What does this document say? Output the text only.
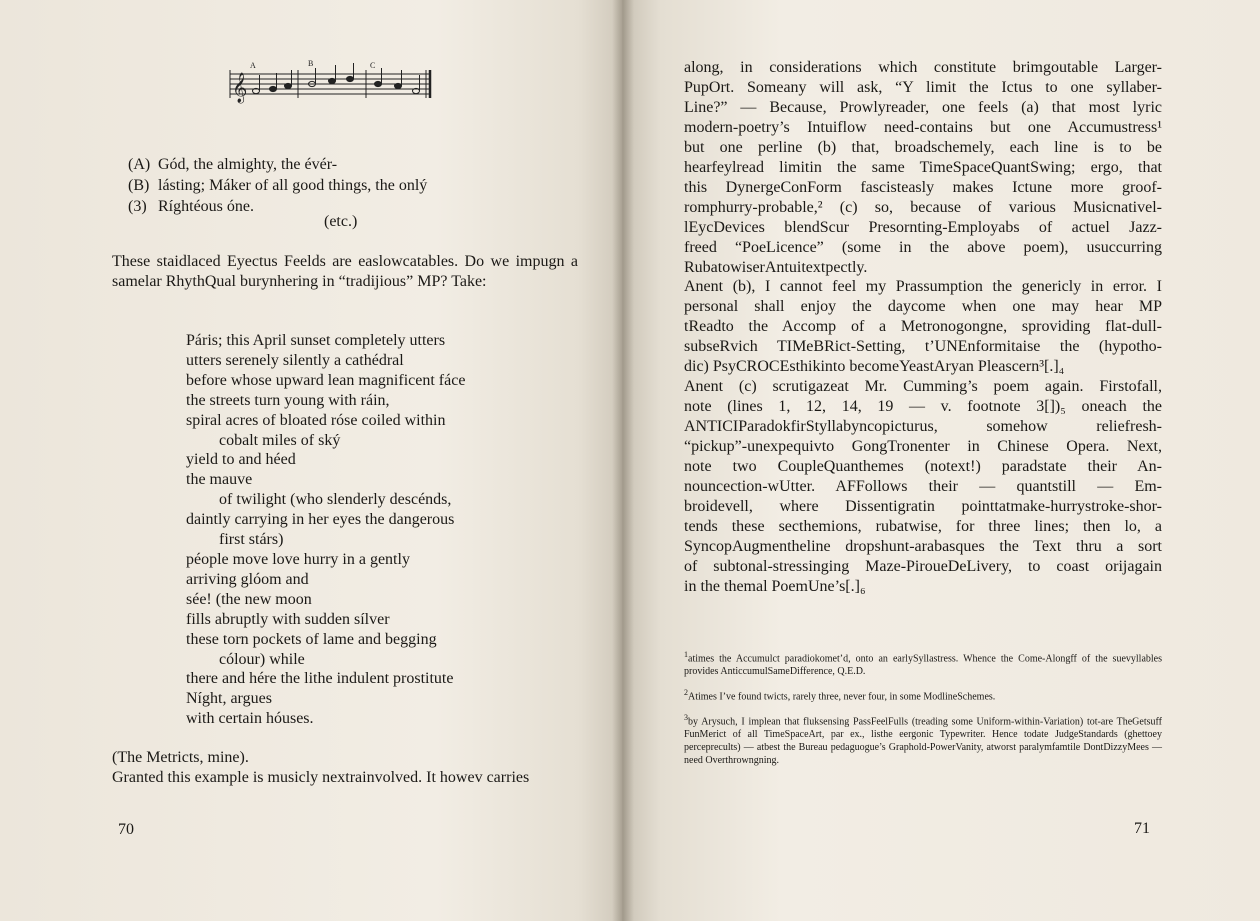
𝄞
A	B	C
(A) Gód, the almighty, the évér-
(B) lásting; Máker of all good things, the onlý
(3) Ríghtéous óne.
(etc.)
These staidlaced Eyectus Feelds are easlowcatables. Do we impugn a samelar RhythQual burynhering in “tradijious” MP? Take:
Páris; this April sunset completely utters
utters serenely silently a cathédral
before whose upward lean magnificent fáce
the streets turn young with ráin,
spiral acres of bloated róse coiled within
cobalt miles of ský
yield to and héed
the mauve
of twilight (who slenderly descénds,
daintly carrying in her eyes the dangerous
first stárs)
péople move love hurry in a gently
arriving glóom and
sée! (the new moon
fills abruptly with sudden sílver
these torn pockets of lame and begging
cólour) while
there and hére the lithe indulent prostitute
Níght, argues
with certain hóuses.
(The Metricts, mine).
Granted this example is musicly nextrainvolved. It howev carries
70
along, in considerations which constitute brimgoutable Larger-
PupOrt. Someany will ask, “Y limit the Ictus to one syllaber-
Line?” — Because, Prowlyreader, one feels (a) that most lyric
modern-poetry’s Intuiflow need-contains but one Accumustress¹
but one perline (b) that, broadschemely, each line is to be
hearfeylread limitin the same TimeSpaceQuantSwing; ergo, that
this DynergeConForm fascisteasly makes Ictune more groof-
romphurry-probable,² (c) so, because of various Musicnativel-
lEycDevices blendScur Presornting-Employabs of actuel Jazz-
freed “PoeLicence” (some in the above poem), usuccurring
RubatowiserAntuitextpectly.
Anent (b), I cannot feel my Prassumption the genericly in error. I
personal shall enjoy the daycome when one may hear MP
tReadto the Accomp of a Metronogongne, sproviding flat-dull-
subseRvich TIMeBRict-Setting, t’UNEnformitaise the (hypotho-
dic) PsyCROCEsthikinto becomeYeastAryan Pleascern³[.]₄
Anent (c) scrutigazeat Mr. Cumming’s poem again. Firstofall,
note (lines 1, 12, 14, 19 — v. footnote 3[])₅ oneach the
ANTICIParadokfirStyllabyncopicturus, somehow reliefresh-
“pickup”-unexpequivto GongTronenter in Chinese Opera. Next,
note two CoupleQuanthemes (notext!) paradstate their An-
nouncection-wUtter. AFFollows their — quantstill — Em-
broidevell, where Dissentigratin pointtatmake-hurrystroke-shor-
tends these secthemions, rubatwise, for three lines; then lo, a
SyncopAugmentheline dropshunt-arabasques the Text thru a sort
of subtonal-stressinging Maze-PiroueDeLivery, to coast orijagain
in the themal PoemUne’s[.]₆
$^1$atimes the Accumulct paradiokomet’d, onto an earlySyllastress. Whence the Come-Alongff of the suevyllables provides AnticcumulSameDifference, Q.E.D.
$^2$Atimes I’ve found twicts, rarely three, never four, in some ModlineSchemes.
$^3$by Arysuch, I implean that fluksensing PassFeelFulls (treading some Uniform-within-Variation) tot-are TheGetsuff FunMerict of all TimeSpaceArt, par ex., listhe eergonic Typewriter. Hence todate JudgeStandards (ghettoey perceprecults) — atbest the Bureau pedaguogue’s Graphold-PowerVanity, atworst paralymfamtile DontDizzyMees — need Overthrowngning.
71
